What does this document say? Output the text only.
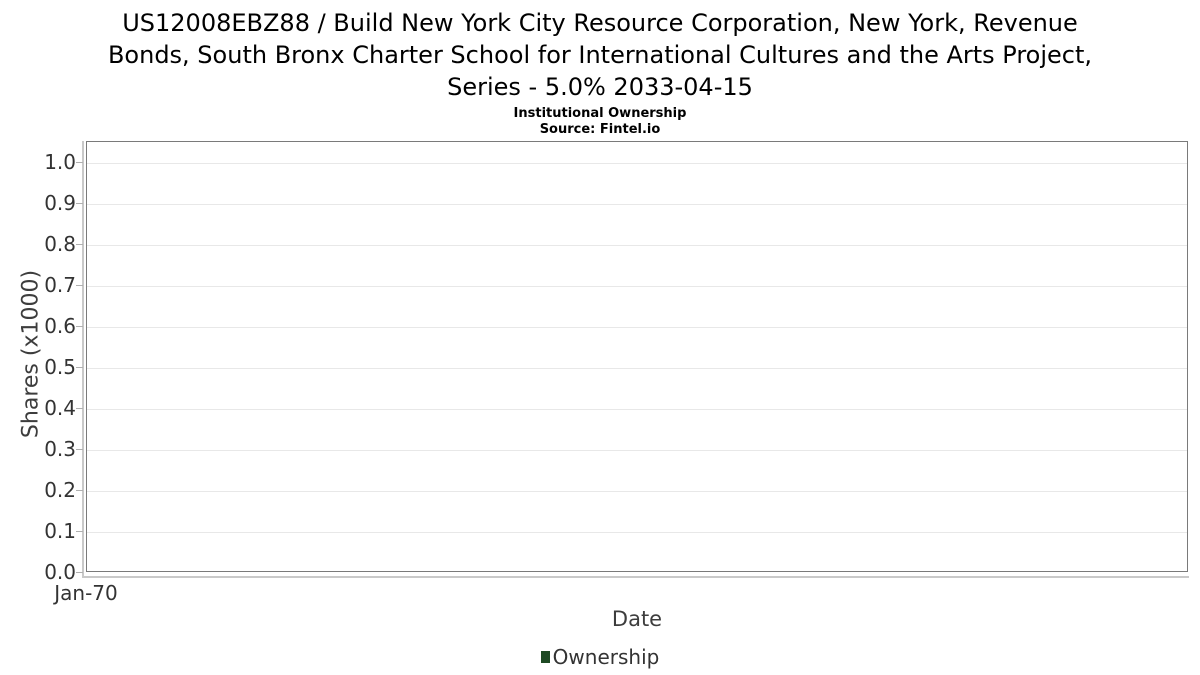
US12008EBZ88 / Build New York City Resource Corporation, New York, Revenue
Bonds, South Bronx Charter School for International Cultures and the Arts Project,
Series - 5.0% 2033-04-15
Institutional Ownership
Source: Fintel.io
1.0
0.9
0.8
0.7
0.6
0.5
0.4
0.3
0.2
0.1
0.0
Shares (x1000)
Jan-70
Date
Ownership
